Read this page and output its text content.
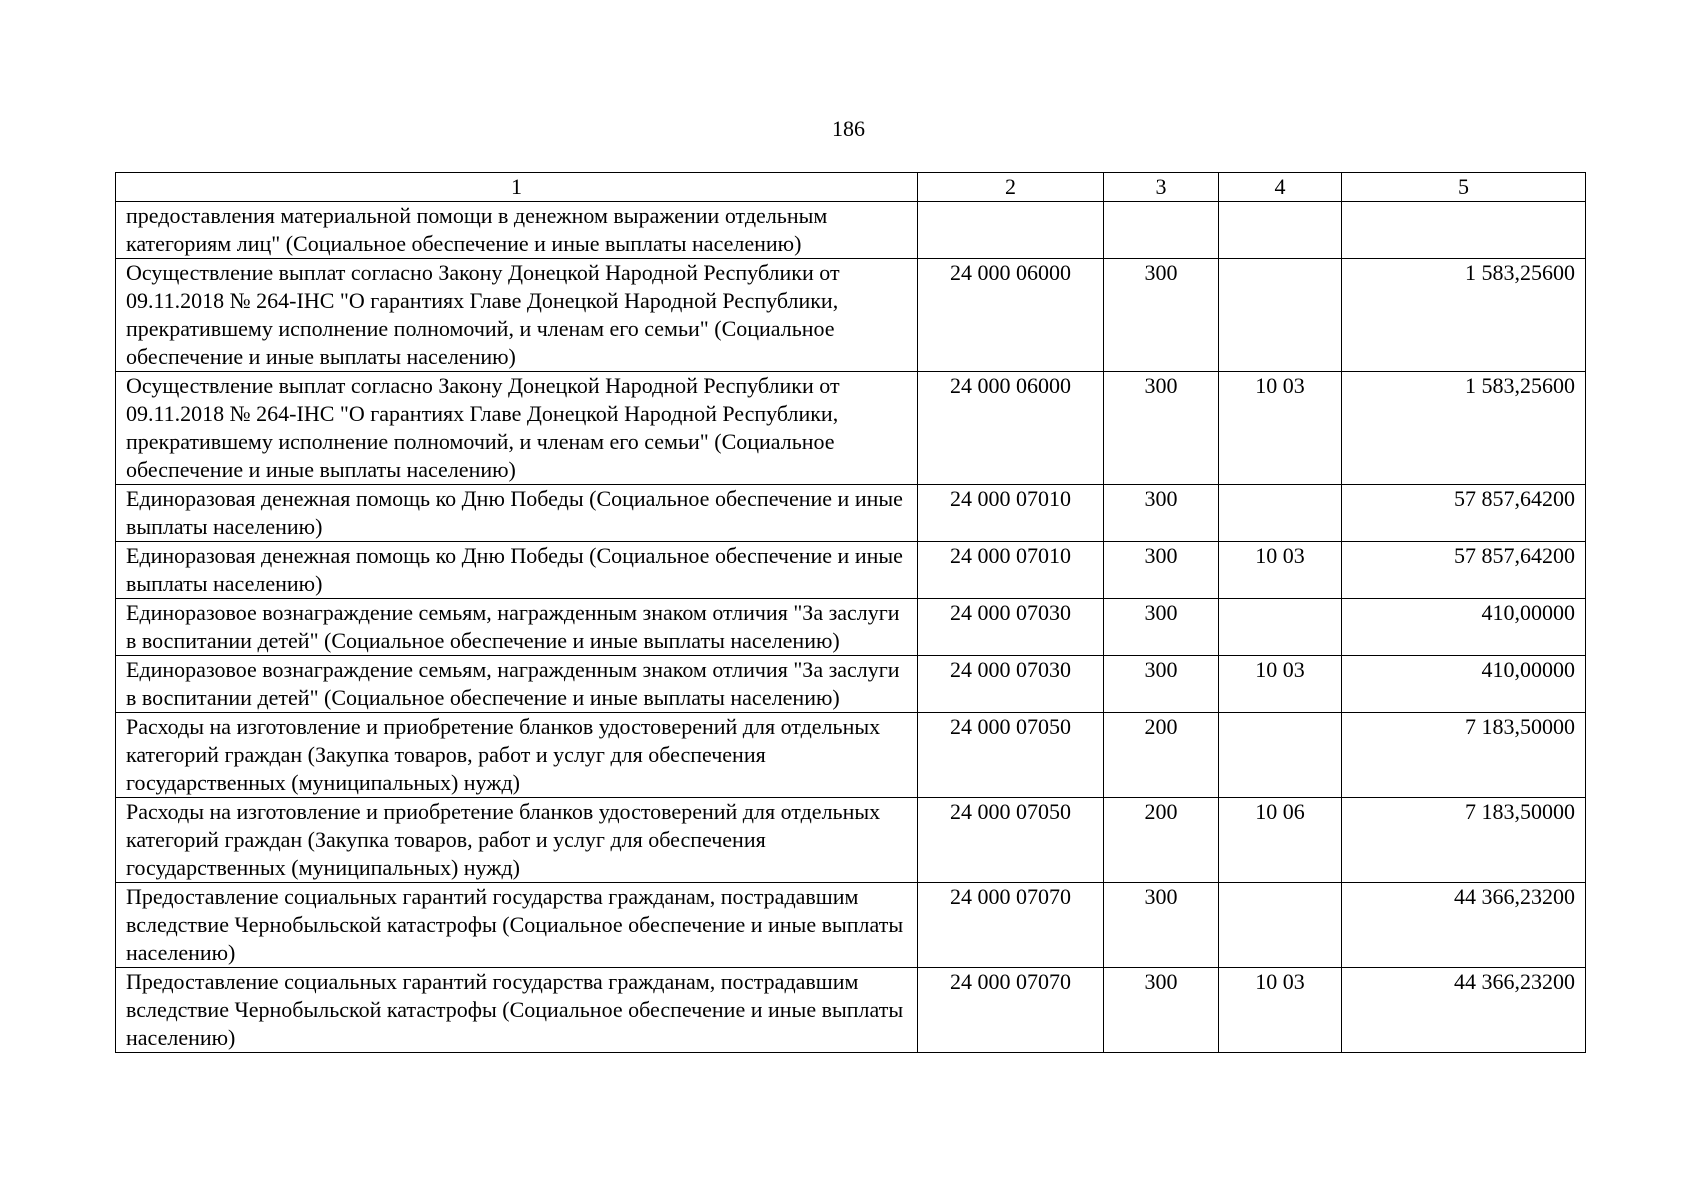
186
1	2	3	4	5
предоставления материальной помощи в денежном выражении отдельным категориям лиц" (Социальное обеспечение и иные выплаты населению)				
Осуществление выплат согласно Закону Донецкой Народной Республики от 09.11.2018 № 264-IНС "О гарантиях Главе Донецкой Народной Республики, прекратившему исполнение полномочий, и членам его семьи" (Социальное обеспечение и иные выплаты населению)	24 000 06000	300		1 583,25600
Осуществление выплат согласно Закону Донецкой Народной Республики от 09.11.2018 № 264-IНС "О гарантиях Главе Донецкой Народной Республики, прекратившему исполнение полномочий, и членам его семьи" (Социальное обеспечение и иные выплаты населению)	24 000 06000	300	10 03	1 583,25600
Единоразовая денежная помощь ко Дню Победы (Социальное обеспечение и иные выплаты населению)	24 000 07010	300		57 857,64200
Единоразовая денежная помощь ко Дню Победы (Социальное обеспечение и иные выплаты населению)	24 000 07010	300	10 03	57 857,64200
Единоразовое вознаграждение семьям, награжденным знаком отличия "За заслуги в воспитании детей" (Социальное обеспечение и иные выплаты населению)	24 000 07030	300		410,00000
Единоразовое вознаграждение семьям, награжденным знаком отличия "За заслуги в воспитании детей" (Социальное обеспечение и иные выплаты населению)	24 000 07030	300	10 03	410,00000
Расходы на изготовление и приобретение бланков удостоверений для отдельных категорий граждан (Закупка товаров, работ и услуг для обеспечения государственных (муниципальных) нужд)	24 000 07050	200		7 183,50000
Расходы на изготовление и приобретение бланков удостоверений для отдельных категорий граждан (Закупка товаров, работ и услуг для обеспечения государственных (муниципальных) нужд)	24 000 07050	200	10 06	7 183,50000
Предоставление социальных гарантий государства гражданам, пострадавшим вследствие Чернобыльской катастрофы (Социальное обеспечение и иные выплаты населению)	24 000 07070	300		44 366,23200
Предоставление социальных гарантий государства гражданам, пострадавшим вследствие Чернобыльской катастрофы (Социальное обеспечение и иные выплаты населению)	24 000 07070	300	10 03	44 366,23200
